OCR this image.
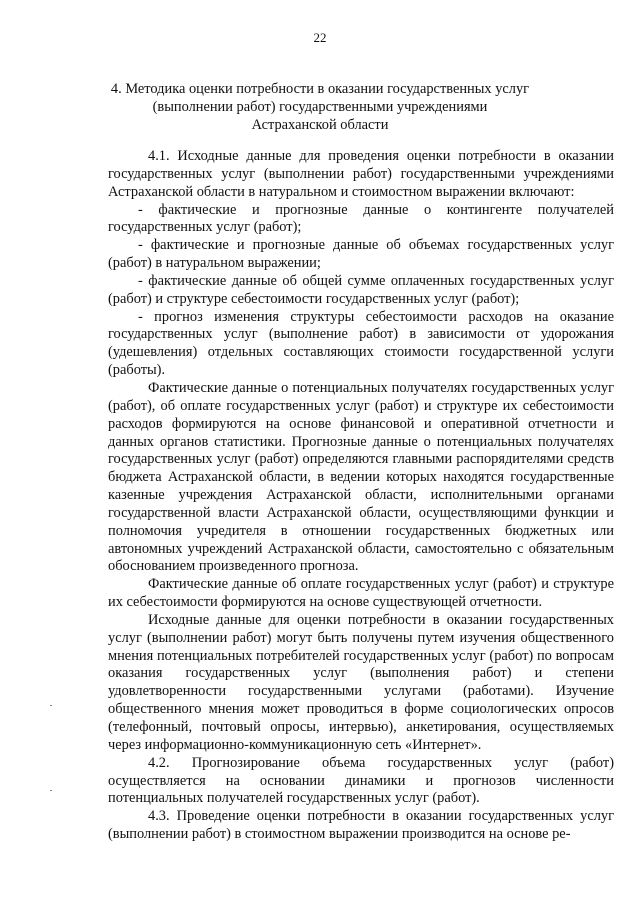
22
4. Методика оценки потребности в оказании государственных услуг (выполнении работ) государственными учреждениями Астраханской области

4.1. Исходные данные для проведения оценки потребности в оказании государственных услуг (выполнении работ) государственными учреждениями Астраханской области в натуральном и стоимостном выражении включают:

- фактические и прогнозные данные о контингенте получателей государственных услуг (работ);

- фактические и прогнозные данные об объемах государственных услуг (работ) в натуральном выражении;

- фактические данные об общей сумме оплаченных государственных услуг (работ) и структуре себестоимости государственных услуг (работ);

- прогноз изменения структуры себестоимости расходов на оказание государственных услуг (выполнение работ) в зависимости от удорожания (удешевления) отдельных составляющих стоимости государственной услуги (работы).

Фактические данные о потенциальных получателях государственных услуг (работ), об оплате государственных услуг (работ) и структуре их себестоимости расходов формируются на основе финансовой и оперативной отчетности и данных органов статистики. Прогнозные данные о потенциальных получателях государственных услуг (работ) определяются главными распорядителями средств бюджета Астраханской области, в ведении которых находятся государственные казенные учреждения Астраханской области, исполнительными органами государственной власти Астраханской области, осуществляющими функции и полномочия учредителя в отношении государственных бюджетных или автономных учреждений Астраханской области, самостоятельно с обязательным обоснованием произведенного прогноза.

Фактические данные об оплате государственных услуг (работ) и структуре их себестоимости формируются на основе существующей отчетности.

Исходные данные для оценки потребности в оказании государственных услуг (выполнении работ) могут быть получены путем изучения общественного мнения потенциальных потребителей государственных услуг (работ) по вопросам оказания государственных услуг (выполнения работ) и степени удовлетворенности государственными услугами (работами). Изучение общественного мнения может проводиться в форме социологических опросов (телефонный, почтовый опросы, интервью), анкетирования, осуществляемых через информационно-коммуникационную сеть «Интернет».

4.2. Прогнозирование объема государственных услуг (работ) осуществляется на основании динамики и прогнозов численности потенциальных получателей государственных услуг (работ).

4.3. Проведение оценки потребности в оказании государственных услуг (выполнении работ) в стоимостном выражении производится на основе ре-
